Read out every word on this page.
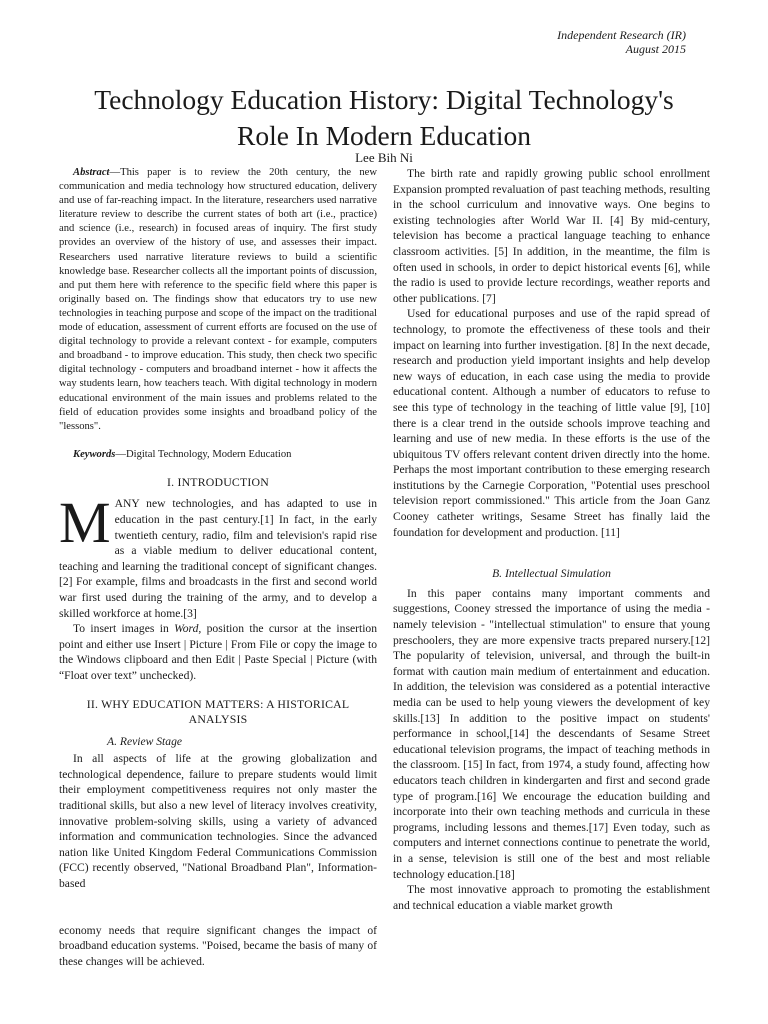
Independent Research (IR)
August 2015
Technology Education History: Digital Technology's
Role In Modern Education
Lee Bih Ni

Abstract—This paper is to review the 20th century, the new communication and media technology how structured education, delivery and use of far-reaching impact. In the literature, researchers used narrative literature review to describe the current states of both art (i.e., practice) and science (i.e., research) in focused areas of inquiry. The first study provides an overview of the history of use, and assesses their impact. Researchers used narrative literature reviews to build a scientific knowledge base. Researcher collects all the important points of discussion, and put them here with reference to the specific field where this paper is originally based on. The findings show that educators try to use new technologies in teaching purpose and scope of the impact on the traditional mode of education, assessment of current efforts are focused on the use of digital technology to provide a relevant context - for example, computers and broadband - to improve education. This study, then check two specific digital technology - computers and broadband internet - how it affects the way students learn, how teachers teach. With digital technology in modern educational environment of the main issues and problems related to the field of education provides some insights and broadband policy of the "lessons".

Keywords—Digital Technology, Modern Education

I. INTRODUCTION

MANY new technologies, and has adapted to use in education in the past century.[1] In fact, in the early twentieth century, radio, film and television's rapid rise as a viable medium to deliver educational content, teaching and learning the traditional concept of significant changes.[2] For example, films and broadcasts in the first and second world war first used during the training of the army, and to develop a skilled workforce at home.[3]

To insert images in Word, position the cursor at the insertion point and either use Insert | Picture | From File or copy the image to the Windows clipboard and then Edit | Paste Special | Picture (with “Float over text” unchecked).

II. WHY EDUCATION MATTERS: A HISTORICAL ANALYSIS
A. Review Stage

In all aspects of life at the growing globalization and technological dependence, failure to prepare students would limit their employment competitiveness requires not only master the traditional skills, but also a new level of literacy involves creativity, innovative problem-solving skills, using a variety of advanced information and communication technologies. Since the advanced nation like United Kingdom Federal Communications Commission (FCC) recently observed, "National Broadband Plan", Information-based

economy needs that require significant changes the impact of broadband education systems. "Poised, became the basis of many of these changes will be achieved.

The birth rate and rapidly growing public school enrollment Expansion prompted revaluation of past teaching methods, resulting in the school curriculum and innovative ways. One begins to existing technologies after World War II. [4] By mid-century, television has become a practical language teaching to enhance classroom activities. [5] In addition, in the meantime, the film is often used in schools, in order to depict historical events [6], while the radio is used to provide lecture recordings, weather reports and other publications. [7]

Used for educational purposes and use of the rapid spread of technology, to promote the effectiveness of these tools and their impact on learning into further investigation. [8] In the next decade, research and production yield important insights and help develop new ways of education, in each case using the media to provide educational content. Although a number of educators to refuse to see this type of technology in the teaching of little value [9], [10] there is a clear trend in the outside schools improve teaching and learning and use of new media. In these efforts is the use of the ubiquitous TV offers relevant content driven directly into the home. Perhaps the most important contribution to these emerging research institutions by the Carnegie Corporation, "Potential uses preschool television report commissioned." This article from the Joan Ganz Cooney catheter writings, Sesame Street has finally laid the foundation for development and production. [11]

B. Intellectual Simulation

In this paper contains many important comments and suggestions, Cooney stressed the importance of using the media - namely television - "intellectual stimulation" to ensure that young preschoolers, they are more expensive tracts prepared nursery.[12] The popularity of television, universal, and through the built-in format with caution main medium of entertainment and education. In addition, the television was considered as a potential interactive media can be used to help young viewers the development of key skills.[13] In addition to the positive impact on students' performance in school,[14] the descendants of Sesame Street educational television programs, the impact of teaching methods in the classroom. [15] In fact, from 1974, a study found, affecting how educators teach children in kindergarten and first and second grade type of program.[16] We encourage the education building and incorporate into their own teaching methods and curricula in these programs, including lessons and themes.[17] Even today, such as computers and internet connections continue to penetrate the world, in a sense, television is still one of the best and most reliable technology education.[18]

The most innovative approach to promoting the establishment and technical education a viable market growth
